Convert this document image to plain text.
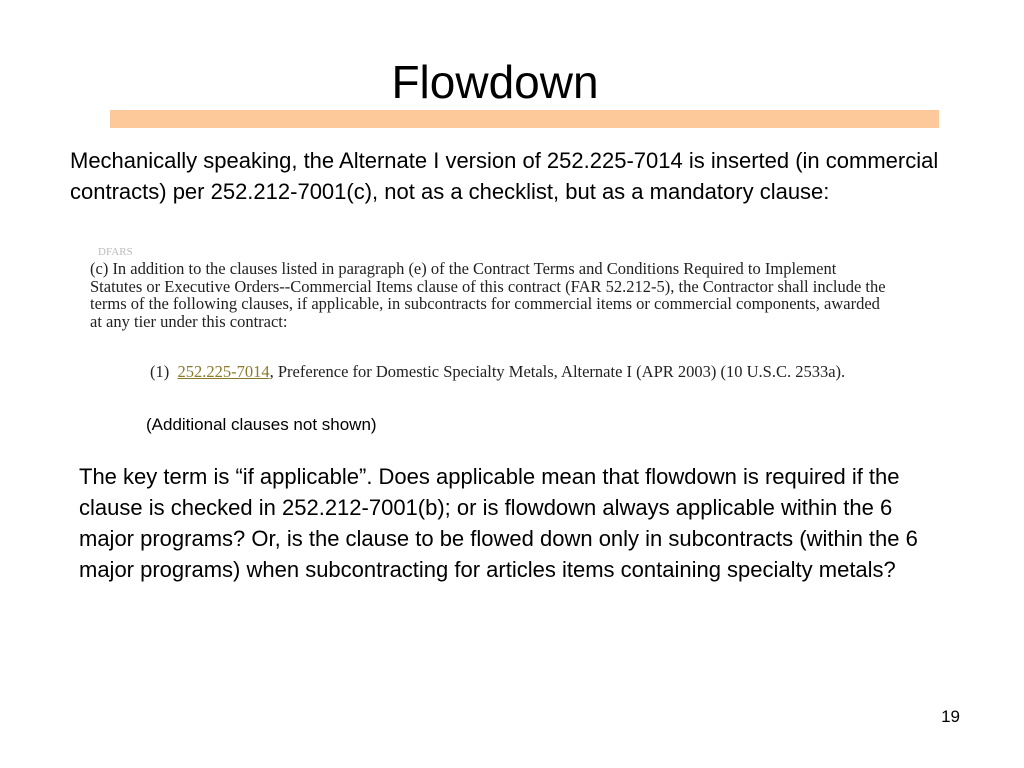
Flowdown
Mechanically speaking, the Alternate I version of 252.225-7014 is inserted (in commercial contracts) per 252.212-7001(c), not as a checklist, but as a mandatory clause:
DFARS
(c) In addition to the clauses listed in paragraph (e) of the Contract Terms and Conditions Required to Implement Statutes or Executive Orders--Commercial Items clause of this contract (FAR 52.212-5), the Contractor shall include the terms of the following clauses, if applicable, in subcontracts for commercial items or commercial components, awarded at any tier under this contract:
(1) 252.225-7014, Preference for Domestic Specialty Metals, Alternate I (APR 2003) (10 U.S.C. 2533a).
(Additional clauses not shown)
The key term is “if applicable”. Does applicable mean that flowdown is required if the clause is checked in 252.212-7001(b); or is flowdown always applicable within the 6 major programs? Or, is the clause to be flowed down only in subcontracts (within the 6 major programs) when subcontracting for articles items containing specialty metals?
19
